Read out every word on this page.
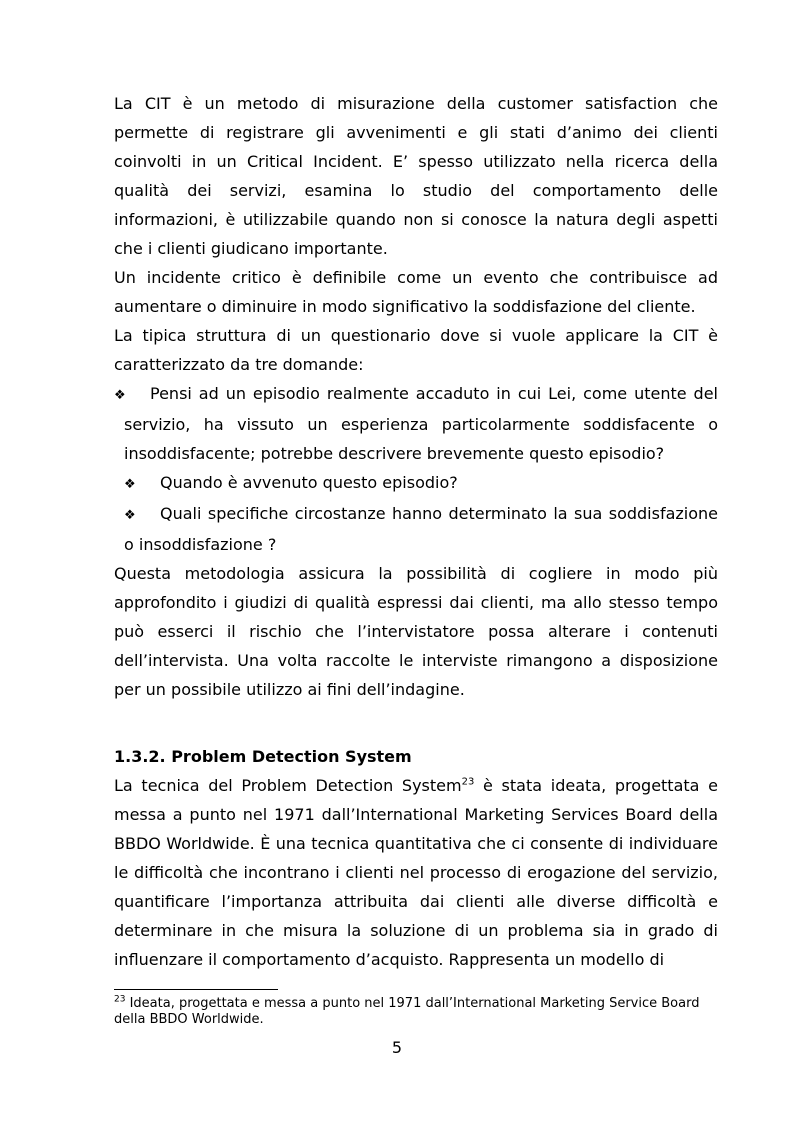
La CIT è un metodo di misurazione della customer satisfaction che permette di registrare gli avvenimenti e gli stati d’animo dei clienti coinvolti in un Critical Incident. E’ spesso utilizzato nella ricerca della qualità dei servizi, esamina lo studio del comportamento delle informazioni, è utilizzabile quando non si conosce la natura degli aspetti che i clienti giudicano importante.

Un incidente critico è definibile come un evento che contribuisce ad aumentare o diminuire in modo significativo la soddisfazione del cliente.

La tipica struttura di un questionario dove si vuole applicare la CIT è caratterizzato da tre domande:

❖ Pensi ad un episodio realmente accaduto in cui Lei, come utente del servizio, ha vissuto un esperienza particolarmente soddisfacente o insoddisfacente; potrebbe descrivere brevemente questo episodio?

❖ Quando è avvenuto questo episodio?

❖ Quali specifiche circostanze hanno determinato la sua soddisfazione o insoddisfazione ?

Questa metodologia assicura la possibilità di cogliere in modo più approfondito i giudizi di qualità espressi dai clienti, ma allo stesso tempo può esserci il rischio che l’intervistatore possa alterare i contenuti dell’intervista. Una volta raccolte le interviste rimangono a disposizione per un possibile utilizzo ai fini dell’indagine.

1.3.2. Problem Detection System

La tecnica del Problem Detection System$^{23}$ è stata ideata, progettata e messa a punto nel 1971 dall’International Marketing Services Board della BBDO Worldwide. È una tecnica quantitativa che ci consente di individuare le difficoltà che incontrano i clienti nel processo di erogazione del servizio, quantificare l’importanza attribuita dai clienti alle diverse difficoltà e determinare in che misura la soluzione di un problema sia in grado di influenzare il comportamento d’acquisto. Rappresenta un modello di

$^{23}$ Ideata, progettata e messa a punto nel 1971 dall’International Marketing Service Board della BBDO Worldwide.

5
